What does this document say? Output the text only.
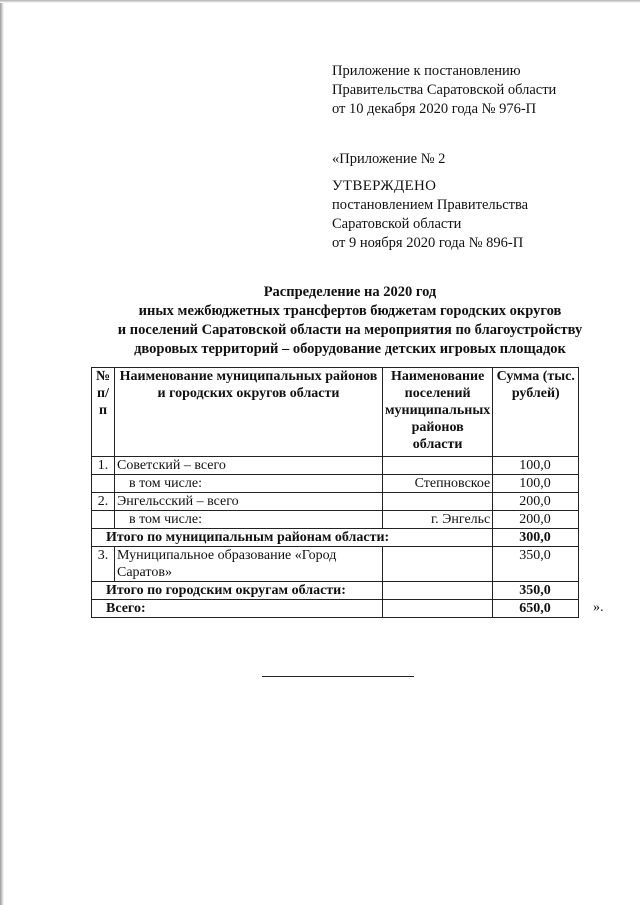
Приложение к постановлению
Правительства Саратовской области
от 10 декабря 2020 года № 976-П
«Приложение № 2
УТВЕРЖДЕНО
постановлением Правительства
Саратовской области
от 9 ноября 2020 года № 896-П
Распределение на 2020 год
иных межбюджетных трансфертов бюджетам городских округов
и поселений Саратовской области на мероприятия по благоустройству
дворовых территорий – оборудование детских игровых площадок
№ п/п	Наименование муниципальных районов и городских округов области	Наименование поселений муниципальных районов области	Сумма (тыс. рублей)
1.	Советский – всего		100,0
	в том числе:	Степновское	100,0
2.	Энгельсский – всего		200,0
	в том числе:	г. Энгельс	200,0
Итого по муниципальным районам области:			300,0
3.	Муниципальное образование «Город Саратов»		350,0
Итого по городским округам области:			350,0
Всего:			650,0	».
